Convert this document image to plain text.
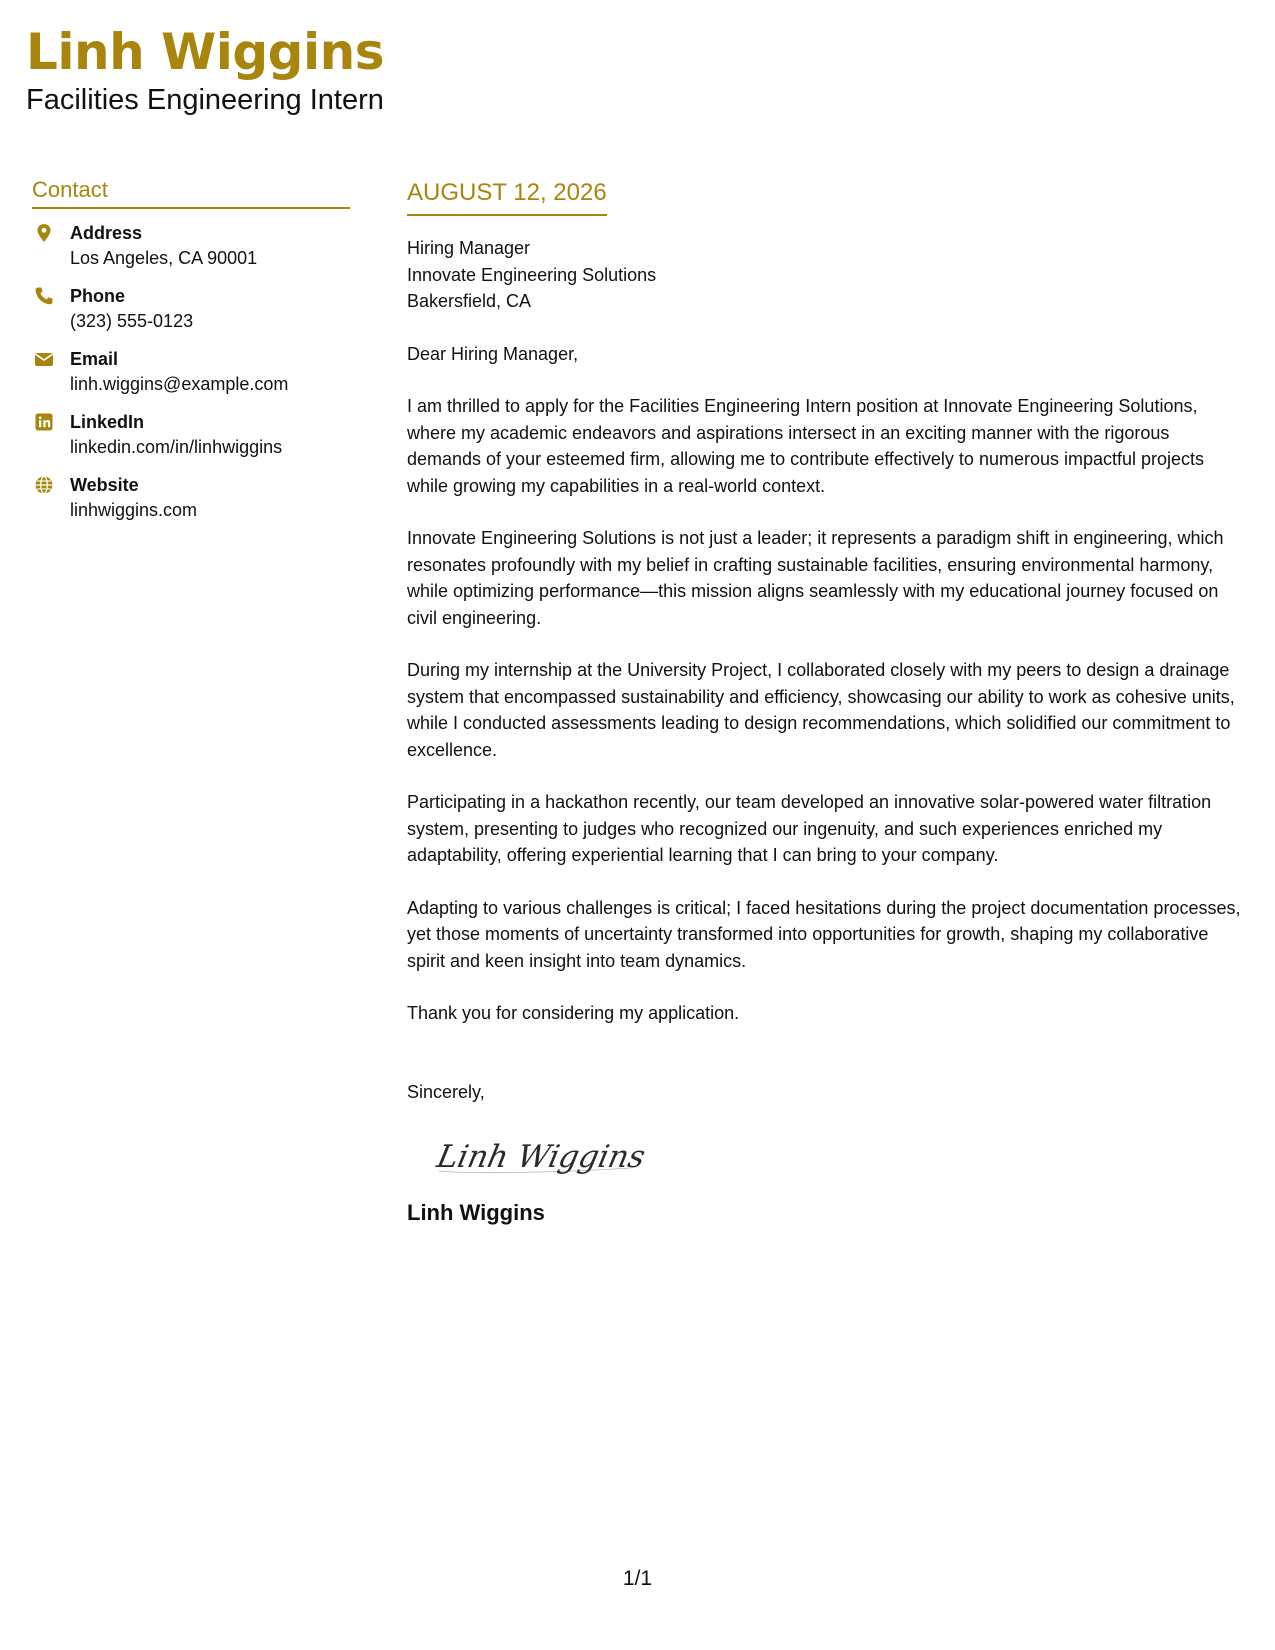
Linh Wiggins
Facilities Engineering Intern
Contact
Address
Los Angeles, CA 90001
Phone
(323) 555-0123
Email
linh.wiggins@example.com
LinkedIn
linkedin.com/in/linhwiggins
Website
linhwiggins.com
AUGUST 12, 2026
Hiring Manager
Innovate Engineering Solutions
Bakersfield, CA

Dear Hiring Manager,

I am thrilled to apply for the Facilities Engineering Intern position at Innovate Engineering Solutions, where my academic endeavors and aspirations intersect in an exciting manner with the rigorous demands of your esteemed firm, allowing me to contribute effectively to numerous impactful projects while growing my capabilities in a real-world context.

Innovate Engineering Solutions is not just a leader; it represents a paradigm shift in engineering, which resonates profoundly with my belief in crafting sustainable facilities, ensuring environmental harmony, while optimizing performance—this mission aligns seamlessly with my educational journey focused on civil engineering.

During my internship at the University Project, I collaborated closely with my peers to design a drainage system that encompassed sustainability and efficiency, showcasing our ability to work as cohesive units, while I conducted assessments leading to design recommendations, which solidified our commitment to excellence.

Participating in a hackathon recently, our team developed an innovative solar-powered water filtration system, presenting to judges who recognized our ingenuity, and such experiences enriched my adaptability, offering experiential learning that I can bring to your company.

Adapting to various challenges is critical; I faced hesitations during the project documentation processes, yet those moments of uncertainty transformed into opportunities for growth, shaping my collaborative spirit and keen insight into team dynamics.

Thank you for considering my application.

Sincerely,

Linh Wiggins

Linh Wiggins

1/1
